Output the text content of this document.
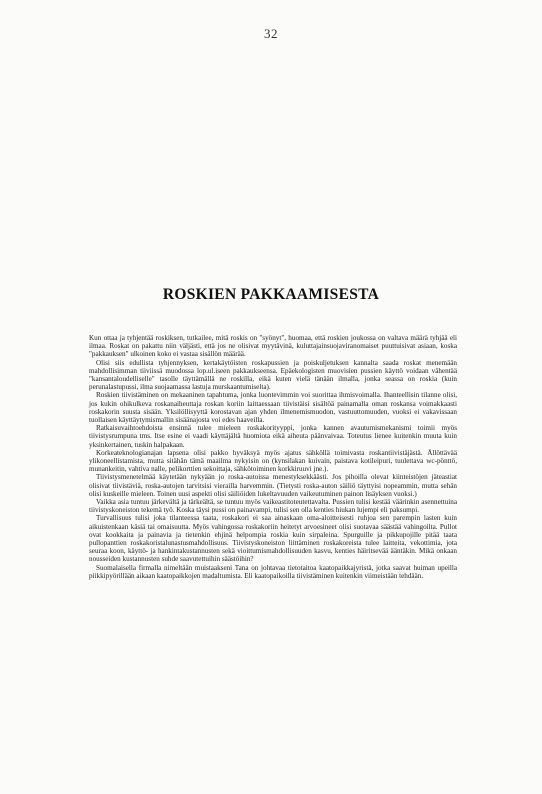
32
ROSKIEN PAKKAAMISESTA

Kun ottaa ja tyhjentää roskiksen, tutkailee, mitä roskis on "syönyt", huomaa, että roskien joukossa on valtava määrä tyhjää eli ilmaa. Roskat on pakattu niin väljästi, että jos ne olisivat myytävinä, kuluttajainsuojaviranomaiset puuttuisivat asiaan, koska "pakkauksen" ulkoinen koko ei vastaa sisällön määrää.

Olisi siis edullista tyhjennyksen, kertakäytöisten roskapussien ja poiskuljetuksen kannalta saada roskat menemään mahdollisimman tiiviissä muodossa lop.ul.iseen pakkaukseensa. Epäekologisten muovisien pussien käyttö voidaan vähentää "kansantaloudelliselle" tasolle täyttämällä ne roskilla, eikä kuten vielä tänään ilmalla, jonka seassa on roskia (kuin perunalastupussi, ilma suojaamassa lastuja murskaantumiselta).

Roskien tiivistäminen on mekaaninen tapahtuma, jonka luontevimmin voi suorittaa ihmisvoimalla. Ihanteellisin tilanne olisi, jos kukin ohikulkeva roskanaiheuttaja roskan koriin laittaessaan tiivistäisi sisältöä painamalla oman roskansa voimakkaasti roskakorin suusta sisään. Yksilöllisyyttä korostavan ajan yhden ilmenemismuodon, vastuuttomuuden, vuoksi ei vakavissaan tuollaisen käyttäytymismallin sisäänajosta voi edes haaveilla.

Ratkaisuvaihtoehdoista ensinnä tulee mieleen roskakorityyppi, jonka kannen avautumismekanismi toimii myös tiivistysrumpuna tms. Itse esine ei vaadi käyttäjältä huomiota eikä aiheuta päänvaivaa. Toteutus lienee kuitenkin muuta kuin yksinkertainen, tuskin halpakaan.

Korkeateknologianajan lapsena olisi pakko hyväksyä myös ajatus sähköllä toimivasta roskantiivistäjästä. Ällöttävää ylikoneellistamista, mutta sitähän tämä maailma nykyisin on (kynsilakan kuivain, paistava kotileipuri, tuulettava wc-pönttö, munankeitin, vahtiva nalle, pelikorttien sekoittaja, sähkötoiminen korkkiruuvi jne.).

Tiivistysmenetelmää käytetään nykyään jo roska-autoissa menestyksekkäästi. Jos pihoilla olevat kiinteistöjen jäteastiat olisivat tiivistäviä, roska-autojen tarvitsisi vierailla harvemmin. (Tietysti roska-auton säiliö täyttyisi nopeammin, mutta sehän olisi kuskeille mieleen. Toinen uusi aspekti olisi säiliöiden lukeltavuuden vaikeutuminen painon lisäyksen vuoksi.)

Vaikka asia tuntuu järkevältä ja tärkeältä, se tuntuu myös vaikeastitoteutettavalta. Pussien tulisi kestää väärinkin asennettuina tiivistyskoneiston tekemä työ. Koska täysi pussi on painavampi, tulisi sen olla kenties hiukan lujempi eli paksumpi.

Turvallisuus tulisi joka tilanteessa taata, roskakori ei saa ainaskaan oma-aloitteisesti ruhjoa sen parempin lasten kuin aikuistenkaan käsiä tai omaisuutta. Myös vahingossa roskakoriin heitetyt arvoesineet olisi suotavaa säästää vahingoilta. Pullot ovat kookkaita ja painavia ja tietenkin ehjinä helpompia roskia kuin sirpaleina. Spurguille ja pikkupojille pitää taata pullopanttien roskakoristalunastusmahdollisuus. Tiivistyskoneiston liittäminen roskakoreista tulee laitteita, vekottimia, jota seuraa koon, käyttö- ja hankintakustannusten sekä vioittumismahdollisuuden kasvu, kenties häiritsevää ääntäkin. Mikä onkaan nousseiden kustannusten suhde saavutettuihin säästöihin?

Suomalaisella firmalla nimeltään muistaakseni Tana on johtavaa tietotaitoa kaatopaikkajyristä, jotka saavat huiman upeilla piikkipyörillään aikaan kaatopaikkojen madaltumista. Eli kaatopaikoilla tiivistäminen kuitenkin viimeistään tehdään.
